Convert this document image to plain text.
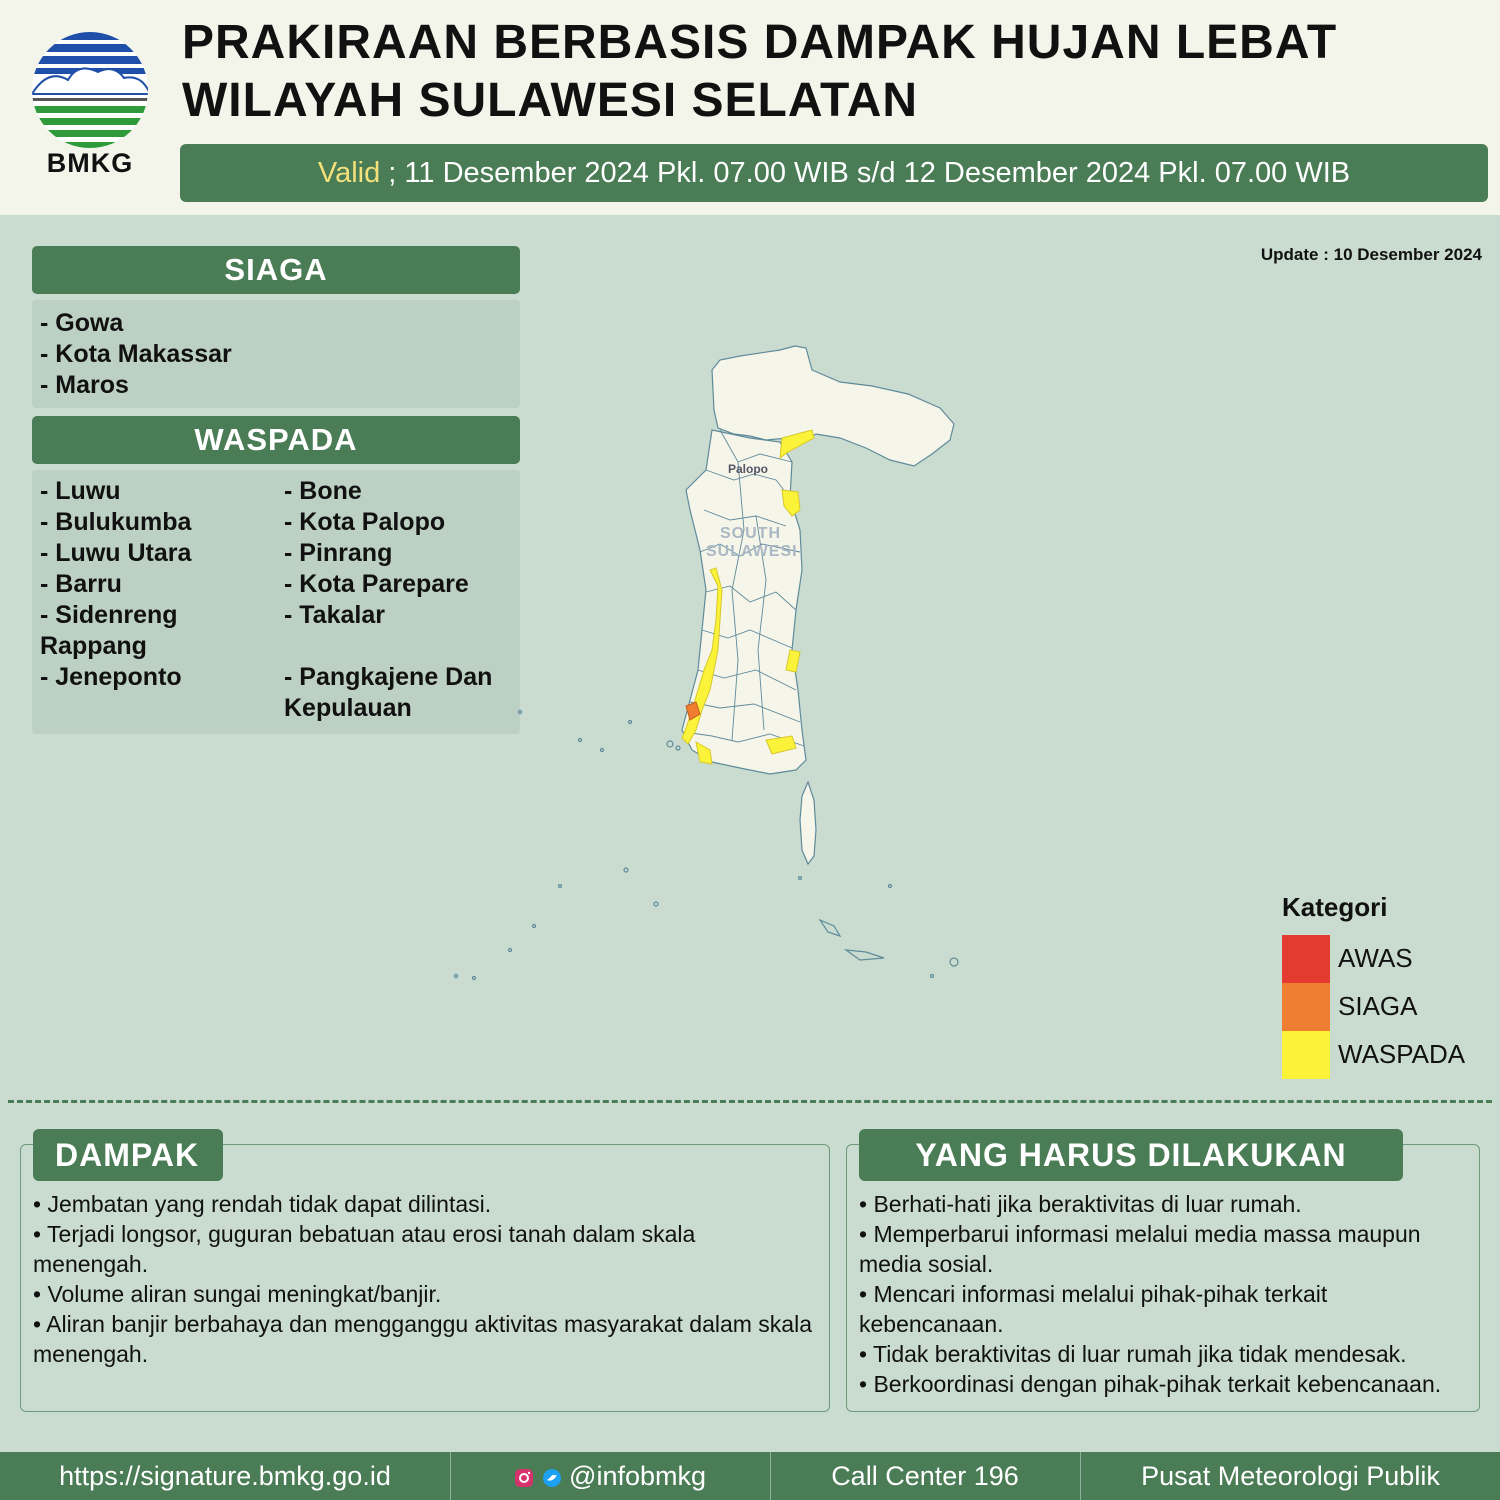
BMKG
PRAKIRAAN BERBASIS DAMPAK HUJAN LEBAT
WILAYAH SULAWESI SELATAN
Valid ; 11 Desember 2024 Pkl. 07.00 WIB s/d 12 Desember 2024 Pkl. 07.00 WIB
Update : 10 Desember 2024
SIAGA
- Gowa
- Kota Makassar
- Maros
WASPADA
- Luwu
- Bulukumba
- Luwu Utara
- Barru
- Sidenreng Rappang
- Jeneponto
- Bone
- Kota Palopo
- Pinrang
- Kota Parepare
- Takalar
- Pangkajene Dan Kepulauan
Palopo
SOUTH
SULAWESI
Kategori
AWAS
SIAGA
WASPADA
DAMPAK
• Jembatan yang rendah tidak dapat dilintasi.
• Terjadi longsor, guguran bebatuan atau erosi tanah dalam skala menengah.
• Volume aliran sungai meningkat/banjir.
• Aliran banjir berbahaya dan mengganggu aktivitas masyarakat dalam skala menengah.
YANG HARUS DILAKUKAN
• Berhati-hati jika beraktivitas di luar rumah.
• Memperbarui informasi melalui media massa maupun media sosial.
• Mencari informasi melalui pihak-pihak terkait kebencanaan.
• Tidak beraktivitas di luar rumah jika tidak mendesak.
• Berkoordinasi dengan pihak-pihak terkait kebencanaan.
https://signature.bmkg.go.id	@infobmkg	Call Center 196	Pusat Meteorologi Publik
